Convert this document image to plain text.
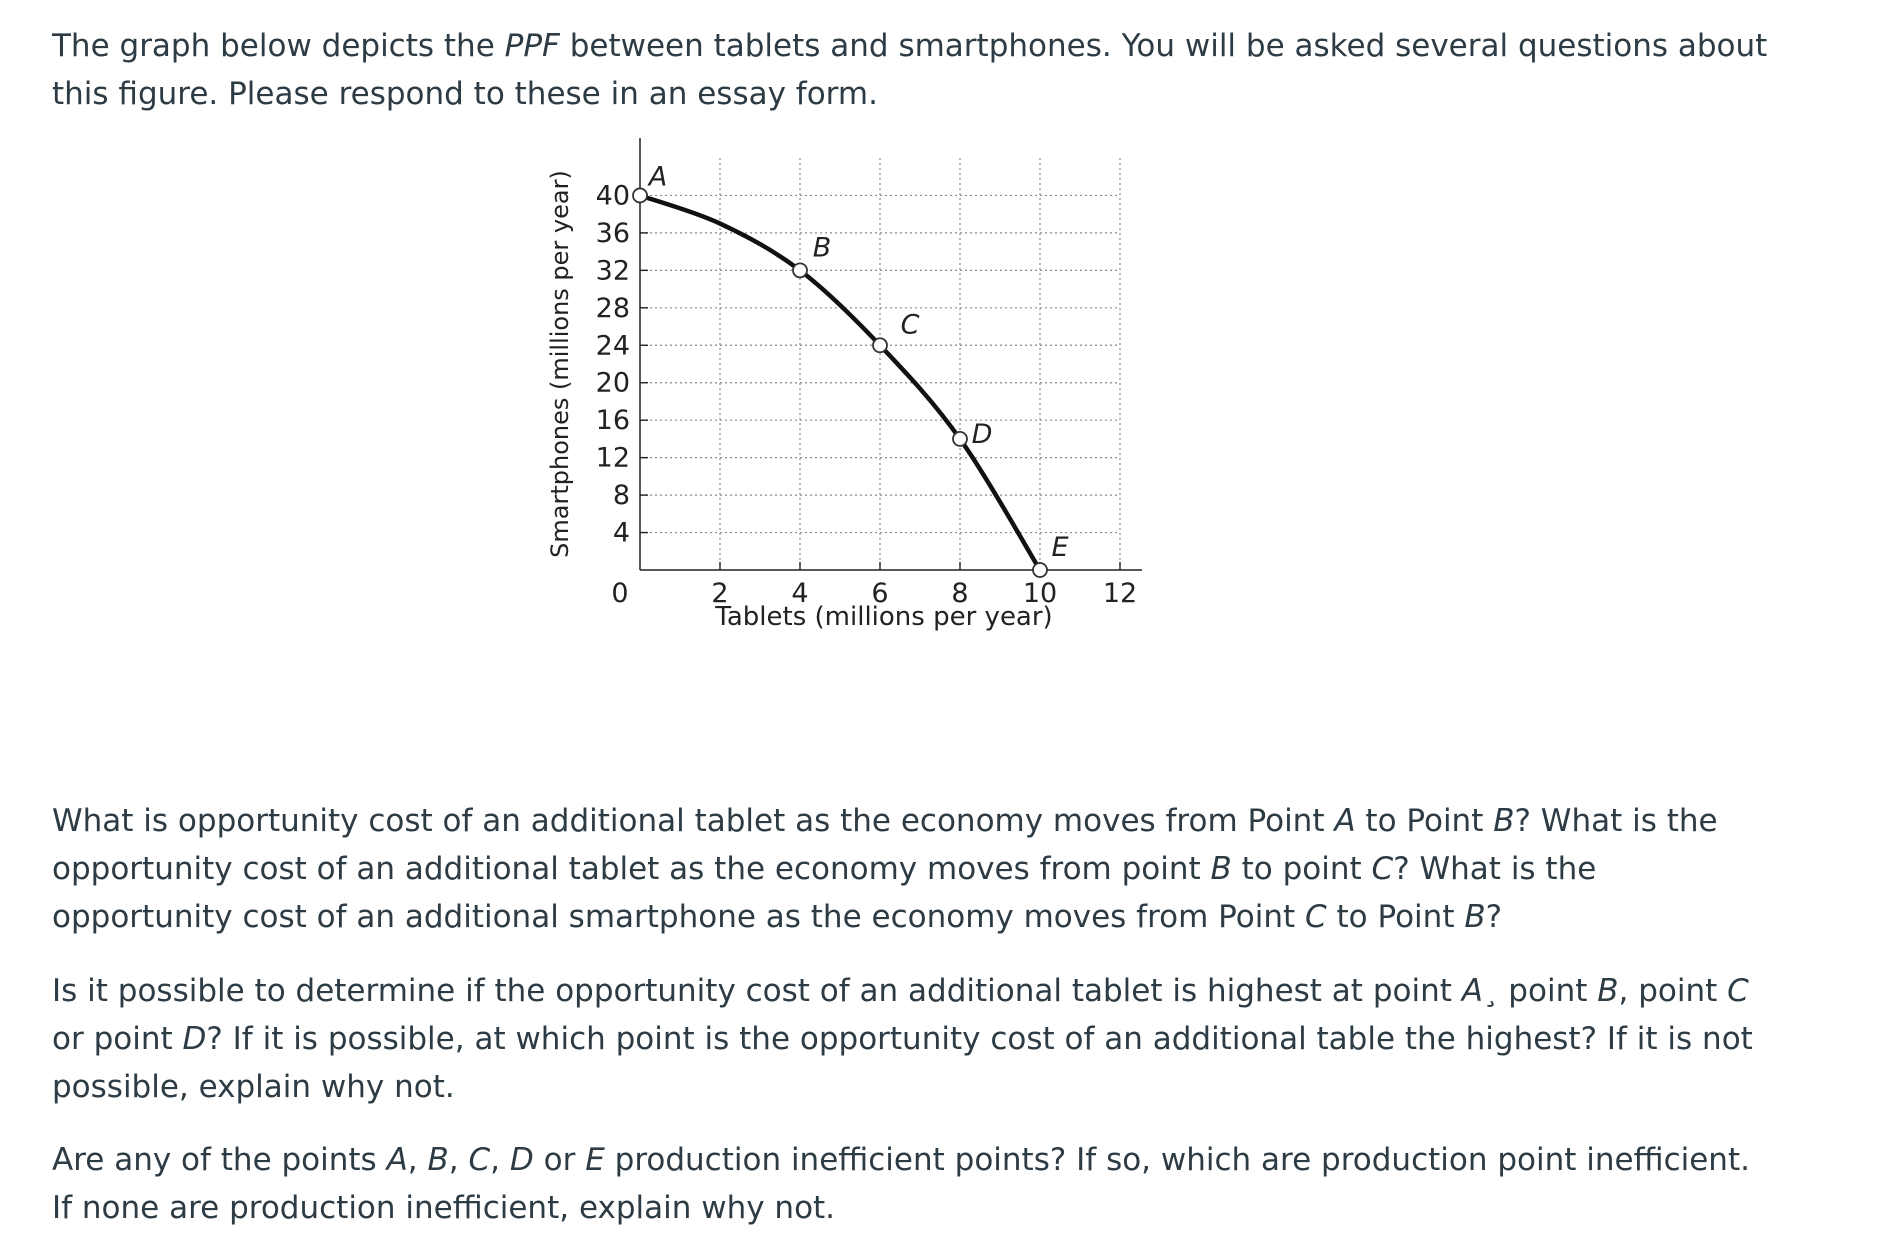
The graph below depicts the PPF between tablets and smartphones. You will be asked several questions about this figure. Please respond to these in an essay form.

4
8
12
16
20
24
28
32
36
40
0	2 4 6 8 10 12
A
B
C
D
E
Tablets (millions per year)
Smartphones (millions per year)

What is opportunity cost of an additional tablet as the economy moves from Point A to Point B? What is the opportunity cost of an additional tablet as the economy moves from point B to point C? What is the opportunity cost of an additional smartphone as the economy moves from Point C to Point B?

Is it possible to determine if the opportunity cost of an additional tablet is highest at point A¸ point B, point C or point D? If it is possible, at which point is the opportunity cost of an additional table the highest? If it is not possible, explain why not.

Are any of the points A, B, C, D or E production inefficient points? If so, which are production point inefficient. If none are production inefficient, explain why not.
